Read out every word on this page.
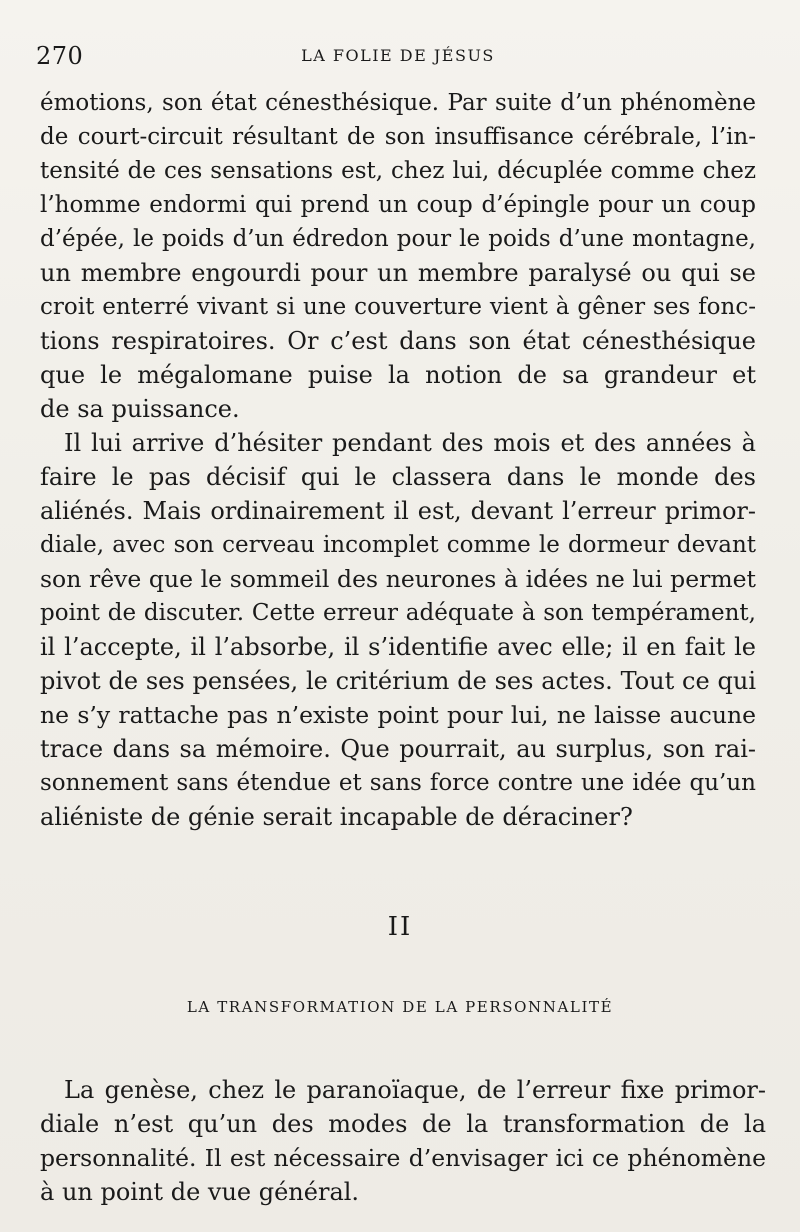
270	LA FOLIE DE JÉSUS
émotions, son état cénesthésique. Par suite d’un phénomène
de court-circuit résultant de son insuffisance cérébrale, l’in-
tensité de ces sensations est, chez lui, décuplée comme chez
l’homme endormi qui prend un coup d’épingle pour un coup
d’épée, le poids d’un édredon pour le poids d’une montagne,
un membre engourdi pour un membre paralysé ou qui se
croit enterré vivant si une couverture vient à gêner ses fonc-
tions respiratoires. Or c’est dans son état cénesthésique
que le mégalomane puise la notion de sa grandeur et
de sa puissance.
Il lui arrive d’hésiter pendant des mois et des années à
faire le pas décisif qui le classera dans le monde des
aliénés. Mais ordinairement il est, devant l’erreur primor-
diale, avec son cerveau incomplet comme le dormeur devant
son rêve que le sommeil des neurones à idées ne lui permet
point de discuter. Cette erreur adéquate à son tempérament,
il l’accepte, il l’absorbe, il s’identifie avec elle; il en fait le
pivot de ses pensées, le critérium de ses actes. Tout ce qui
ne s’y rattache pas n’existe point pour lui, ne laisse aucune
trace dans sa mémoire. Que pourrait, au surplus, son rai-
sonnement sans étendue et sans force contre une idée qu’un
aliéniste de génie serait incapable de déraciner?
II
LA TRANSFORMATION DE LA PERSONNALITÉ
La genèse, chez le paranoïaque, de l’erreur fixe primor-
diale n’est qu’un des modes de la transformation de la
personnalité. Il est nécessaire d’envisager ici ce phénomène
à un point de vue général.
